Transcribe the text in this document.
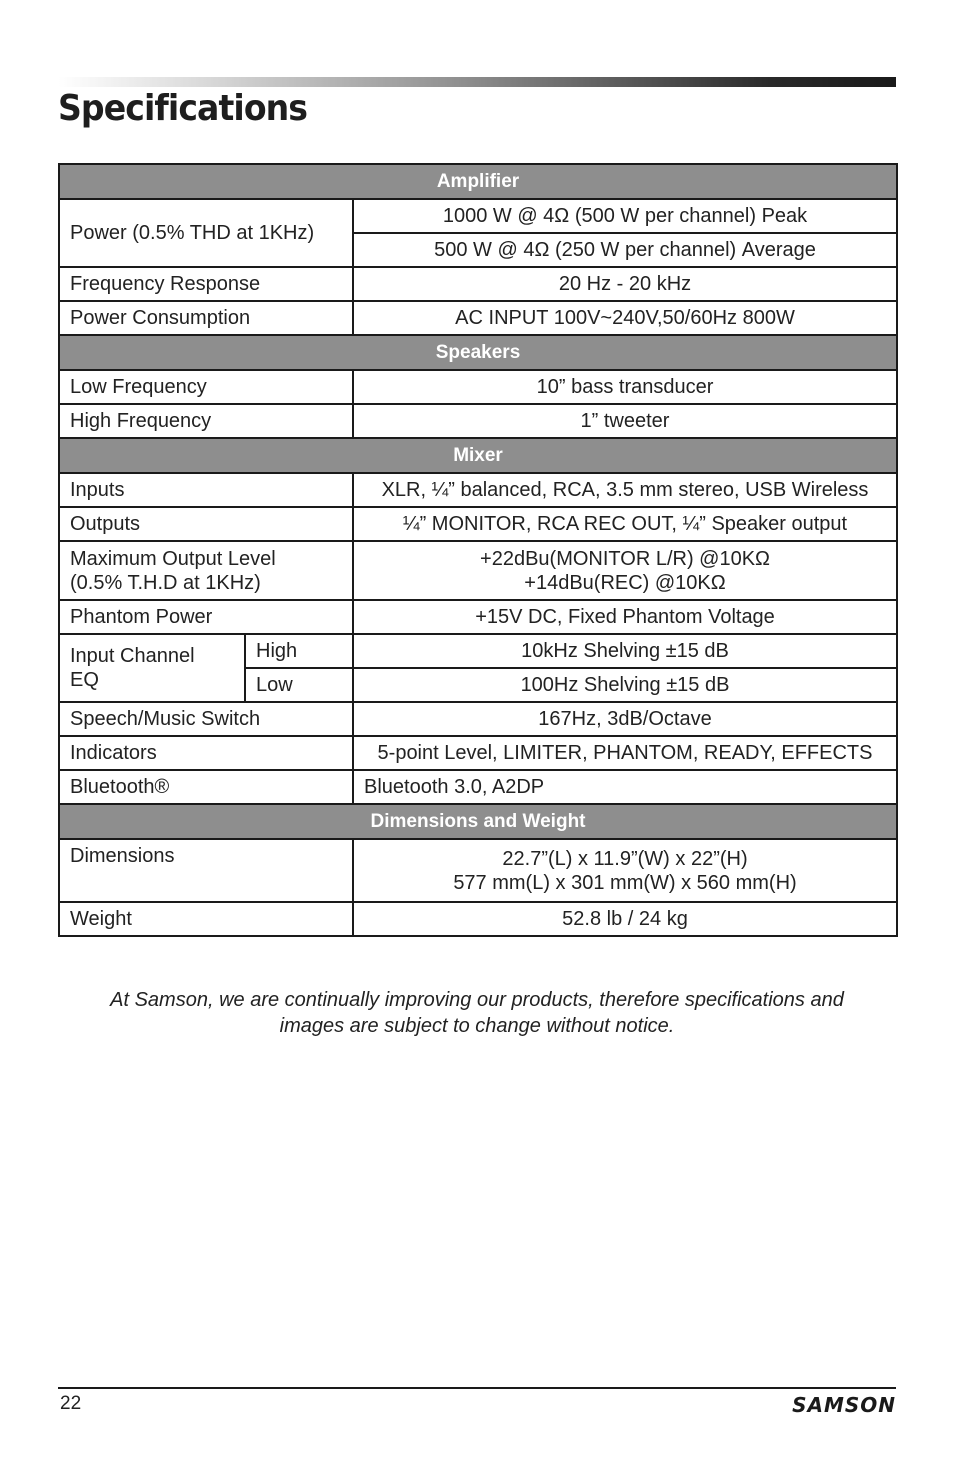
Specifications
Amplifier		
Power (0.5% THD at 1KHz)		1000 W @ 4Ω (500 W per channel) Peak
		500 W @ 4Ω (250 W per channel) Average
Frequency Response		20 Hz - 20 kHz
Power Consumption		AC INPUT 100V~240V,50/60Hz 800W
Speakers		
Low Frequency		10” bass transducer
High Frequency		1” tweeter
Mixer		
Inputs		XLR, ¼” balanced, RCA, 3.5 mm stereo, USB Wireless
Outputs		¼” MONITOR, RCA REC OUT, ¼” Speaker output
Maximum Output Level
(0.5% T.H.D at 1KHz)		+22dBu(MONITOR L/R) @10KΩ
+14dBu(REC) @10KΩ
Phantom Power		+15V DC, Fixed Phantom Voltage
Input Channel
EQ	High	10kHz Shelving ±15 dB
	Low	100Hz Shelving ±15 dB
Speech/Music Switch		167Hz, 3dB/Octave
Indicators		5-point Level, LIMITER, PHANTOM, READY, EFFECTS
Bluetooth®		Bluetooth 3.0, A2DP
Dimensions and Weight		
Dimensions		22.7”(L) x 11.9”(W) x 22”(H)
577 mm(L) x 301 mm(W) x 560 mm(H)
Weight		52.8 lb / 24 kg
At Samson, we are continually improving our products, therefore specifications and
images are subject to change without notice.
22	SAMSON
